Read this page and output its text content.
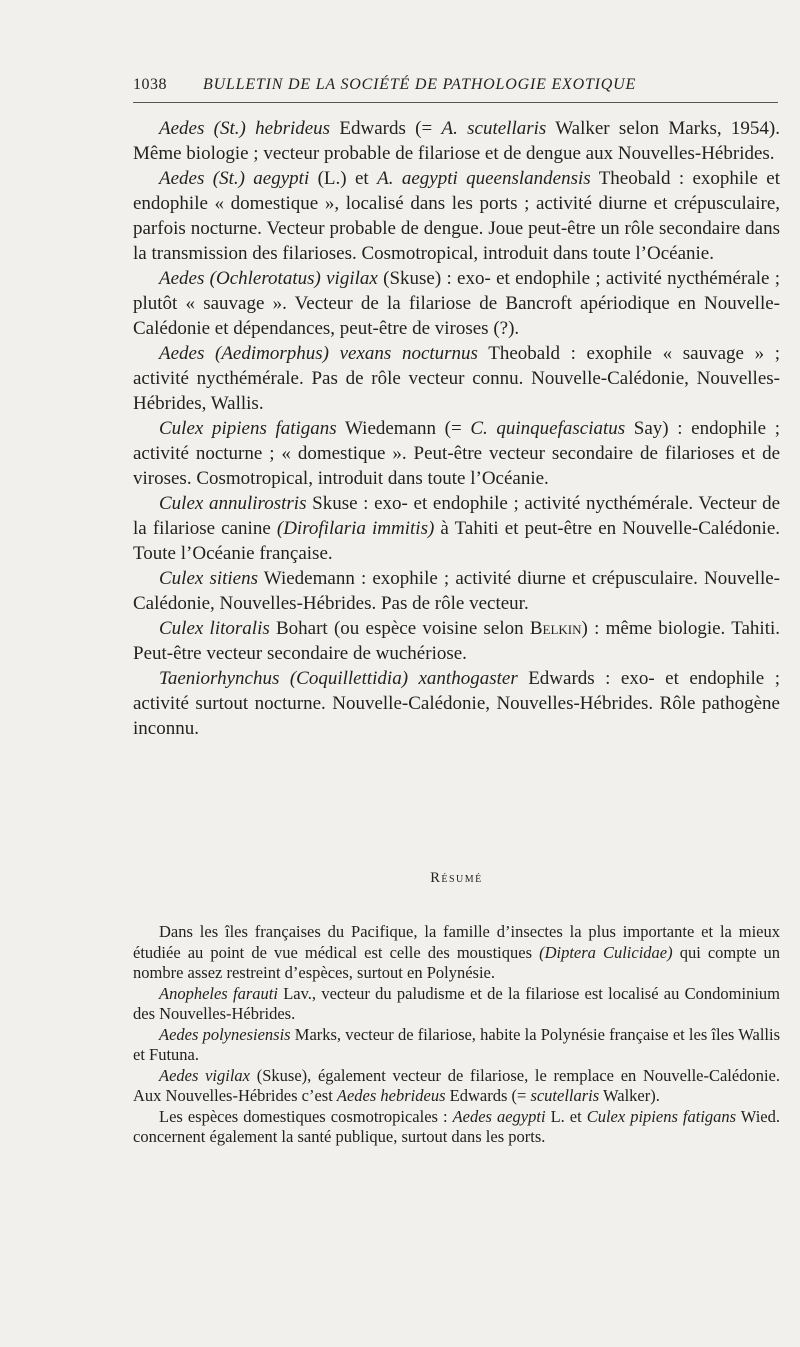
1038 BULLETIN DE LA SOCIÉTÉ DE PATHOLOGIE EXOTIQUE

Aedes (St.) hebrideus Edwards (= A. scutellaris Walker selon Marks, 1954). Même biologie ; vecteur probable de filariose et de dengue aux Nouvelles-Hébrides.

Aedes (St.) aegypti (L.) et A. aegypti queenslandensis Theobald : exophile et endophile « domestique », localisé dans les ports ; activité diurne et crépusculaire, parfois nocturne. Vecteur probable de dengue. Joue peut-être un rôle secondaire dans la transmission des filarioses. Cosmotropical, introduit dans toute l’Océanie.

Aedes (Ochlerotatus) vigilax (Skuse) : exo- et endophile ; activité nycthémérale ; plutôt « sauvage ». Vecteur de la filariose de Bancroft apériodique en Nouvelle-Calédonie et dépendances, peut-être de viroses (?).

Aedes (Aedimorphus) vexans nocturnus Theobald : exophile « sauvage » ; activité nycthémérale. Pas de rôle vecteur connu. Nouvelle-Calédonie, Nouvelles-Hébrides, Wallis.

Culex pipiens fatigans Wiedemann (= C. quinquefasciatus Say) : endophile ; activité nocturne ; « domestique ». Peut-être vecteur secondaire de filarioses et de viroses. Cosmotropical, introduit dans toute l’Océanie.

Culex annulirostris Skuse : exo- et endophile ; activité nycthémérale. Vecteur de la filariose canine (Dirofilaria immitis) à Tahiti et peut-être en Nouvelle-Calédonie. Toute l’Océanie française.

Culex sitiens Wiedemann : exophile ; activité diurne et crépusculaire. Nouvelle-Calédonie, Nouvelles-Hébrides. Pas de rôle vecteur.

Culex litoralis Bohart (ou espèce voisine selon Belkin) : même biologie. Tahiti. Peut-être vecteur secondaire de wuchériose.

Taeniorhynchus (Coquillettidia) xanthogaster Edwards : exo- et endophile ; activité surtout nocturne. Nouvelle-Calédonie, Nouvelles-Hébrides. Rôle pathogène inconnu.

Résumé

Dans les îles françaises du Pacifique, la famille d’insectes la plus importante et la mieux étudiée au point de vue médical est celle des moustiques (Diptera Culicidae) qui compte un nombre assez restreint d’espèces, surtout en Polynésie.

Anopheles farauti Lav., vecteur du paludisme et de la filariose est localisé au Condominium des Nouvelles-Hébrides.

Aedes polynesiensis Marks, vecteur de filariose, habite la Polynésie française et les îles Wallis et Futuna.

Aedes vigilax (Skuse), également vecteur de filariose, le remplace en Nouvelle-Calédonie. Aux Nouvelles-Hébrides c’est Aedes hebrideus Edwards (= scutellaris Walker).

Les espèces domestiques cosmotropicales : Aedes aegypti L. et Culex pipiens fatigans Wied. concernent également la santé publique, surtout dans les ports.
